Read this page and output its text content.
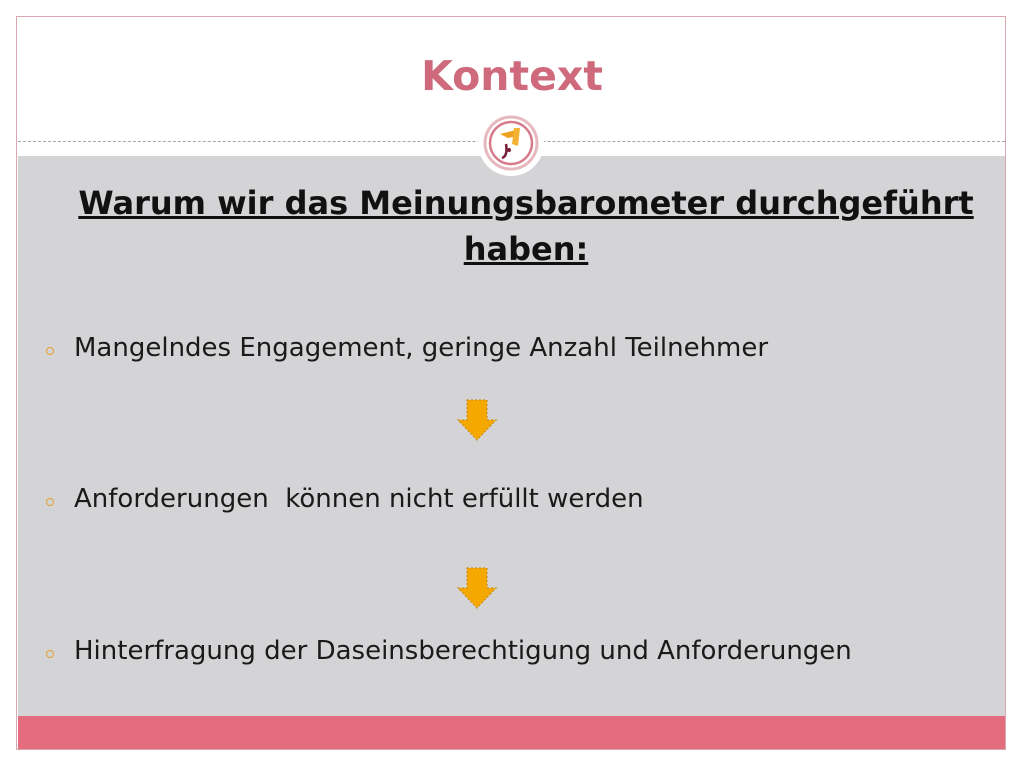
Kontext
Warum wir das Meinungsbarometer durchgeführt haben:
Mangelndes Engagement, geringe Anzahl Teilnehmer
Anforderungen  können nicht erfüllt werden
Hinterfragung der Daseinsberechtigung und Anforderungen
